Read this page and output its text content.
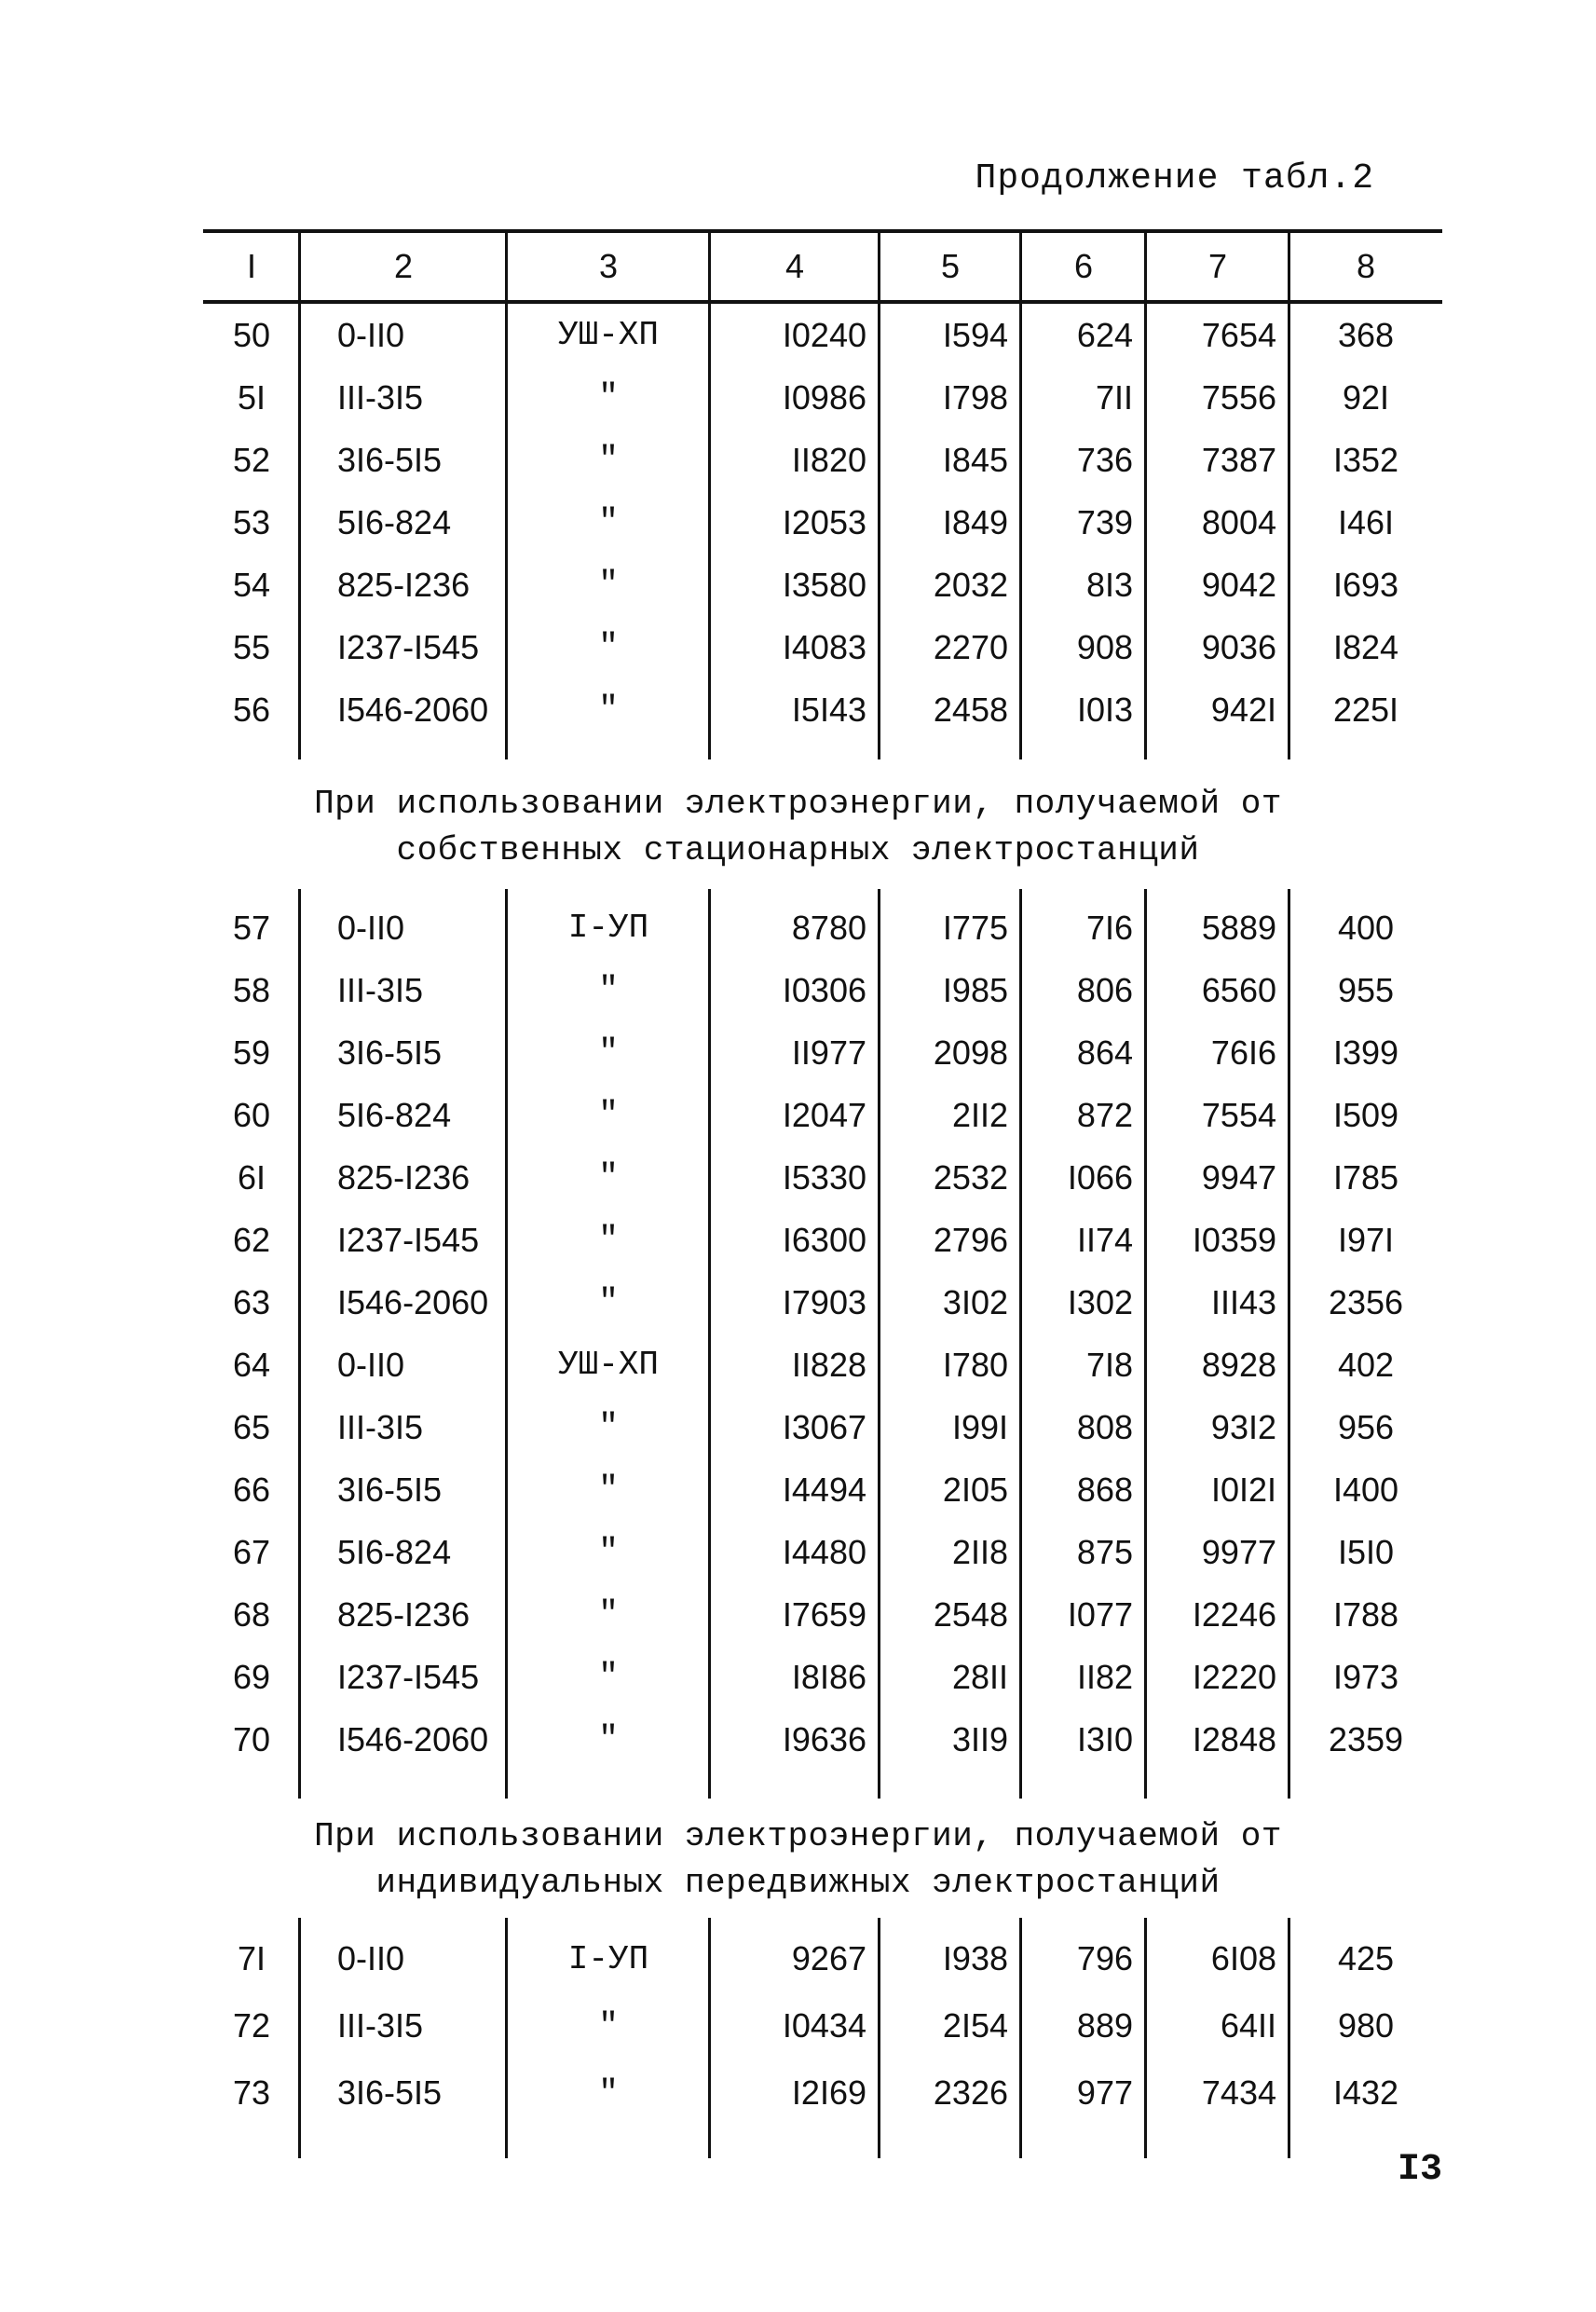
Продолжение табл.2
I	2	3	4	5	6	7	8
50	0-II0	УШ-ХП	I0240	I594	624	7654	368
5I	III-3I5	"	I0986	I798	7II	7556	92I
52	3I6-5I5	"	II820	I845	736	7387	I352
53	5I6-824	"	I2053	I849	739	8004	I46I
54	825-I236	"	I3580	2032	8I3	9042	I693
55	I237-I545	"	I4083	2270	908	9036	I824
56	I546-2060	"	I5I43	2458	I0I3	942I	225I
При использовании электроэнергии, получаемой от
собственных стационарных электростанций
57	0-II0	I-УП	8780	I775	7I6	5889	400
58	III-3I5	"	I0306	I985	806	6560	955
59	3I6-5I5	"	II977	2098	864	76I6	I399
60	5I6-824	"	I2047	2II2	872	7554	I509
6I	825-I236	"	I5330	2532	I066	9947	I785
62	I237-I545	"	I6300	2796	II74	I0359	I97I
63	I546-2060	"	I7903	3I02	I302	III43	2356
64	0-II0	УШ-ХП	II828	I780	7I8	8928	402
65	III-3I5	"	I3067	I99I	808	93I2	956
66	3I6-5I5	"	I4494	2I05	868	I0I2I	I400
67	5I6-824	"	I4480	2II8	875	9977	I5I0
68	825-I236	"	I7659	2548	I077	I2246	I788
69	I237-I545	"	I8I86	28II	II82	I2220	I973
70	I546-2060	"	I9636	3II9	I3I0	I2848	2359
При использовании электроэнергии, получаемой от
индивидуальных передвижных электростанций
7I	0-II0	I-УП	9267	I938	796	6I08	425
72	III-3I5	"	I0434	2I54	889	64II	980
73	3I6-5I5	"	I2I69	2326	977	7434	I432
I3
